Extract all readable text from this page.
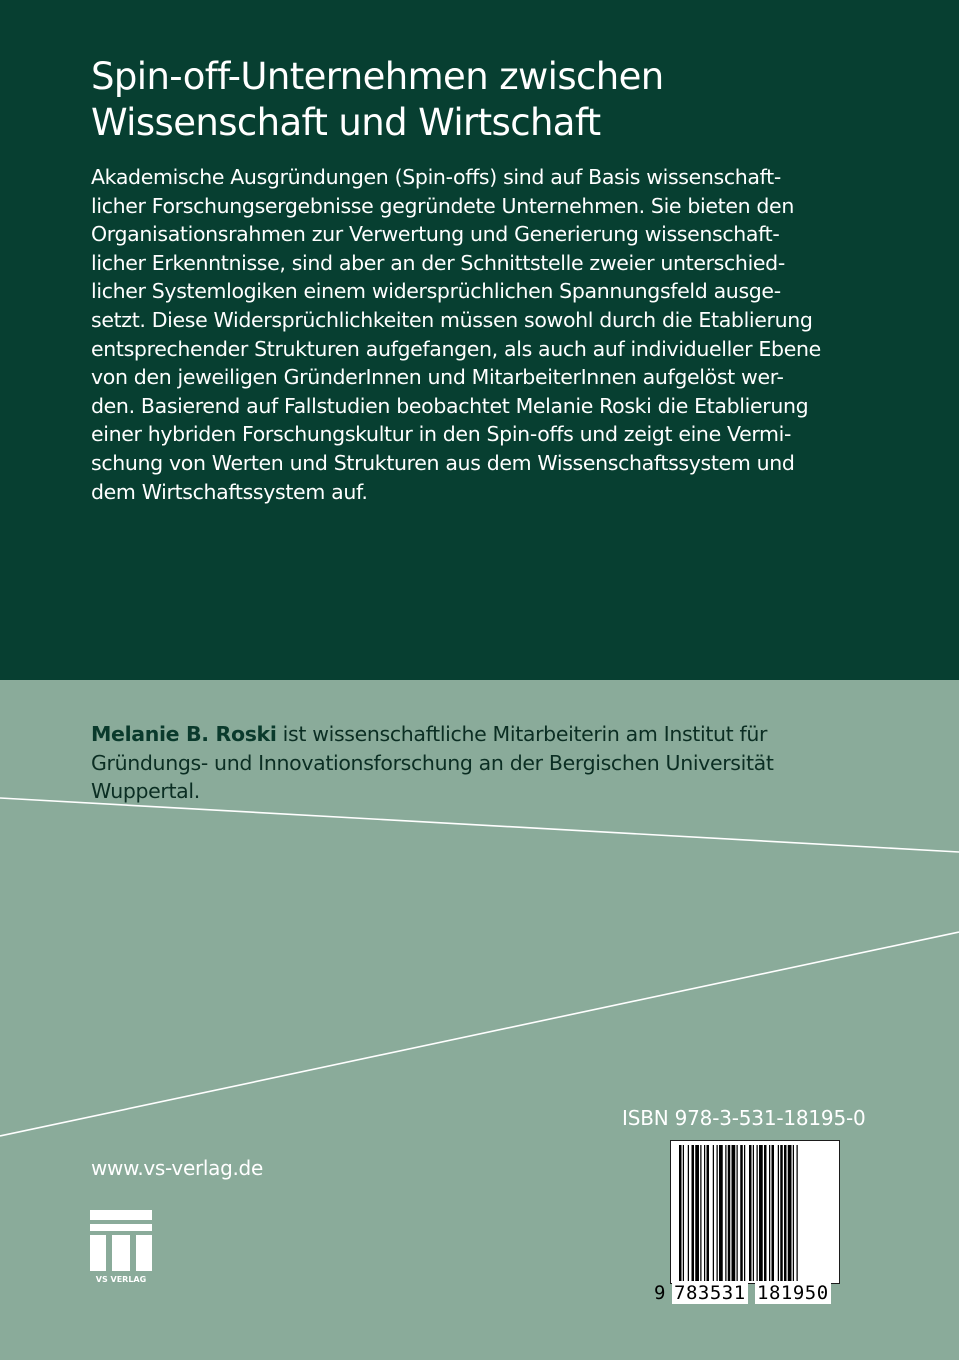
Spin-off-Unternehmen zwischen
Wissenschaft und Wirtschaft
Akademische Ausgründungen (Spin-offs) sind auf Basis wissenschaft-
licher Forschungsergebnisse gegründete Unternehmen. Sie bieten den
Organisationsrahmen zur Verwertung und Generierung wissenschaft-
licher Erkenntnisse, sind aber an der Schnittstelle zweier unterschied-
licher Systemlogiken einem widersprüchlichen Spannungsfeld ausge-
setzt. Diese Widersprüchlichkeiten müssen sowohl durch die Etablierung
entsprechender Strukturen aufgefangen, als auch auf individueller Ebene
von den jeweiligen GründerInnen und MitarbeiterInnen aufgelöst wer-
den. Basierend auf Fallstudien beobachtet Melanie Roski die Etablierung
einer hybriden Forschungskultur in den Spin-offs und zeigt eine Vermi-
schung von Werten und Strukturen aus dem Wissenschaftssystem und
dem Wirtschaftssystem auf.
Melanie B. Roski ist wissenschaftliche Mitarbeiterin am Institut für
Gründungs- und Innovationsforschung an der Bergischen Universität
Wuppertal.
ISBN 978-3-531-18195-0
9 783531 181950
www.vs-verlag.de
VS VERLAG
